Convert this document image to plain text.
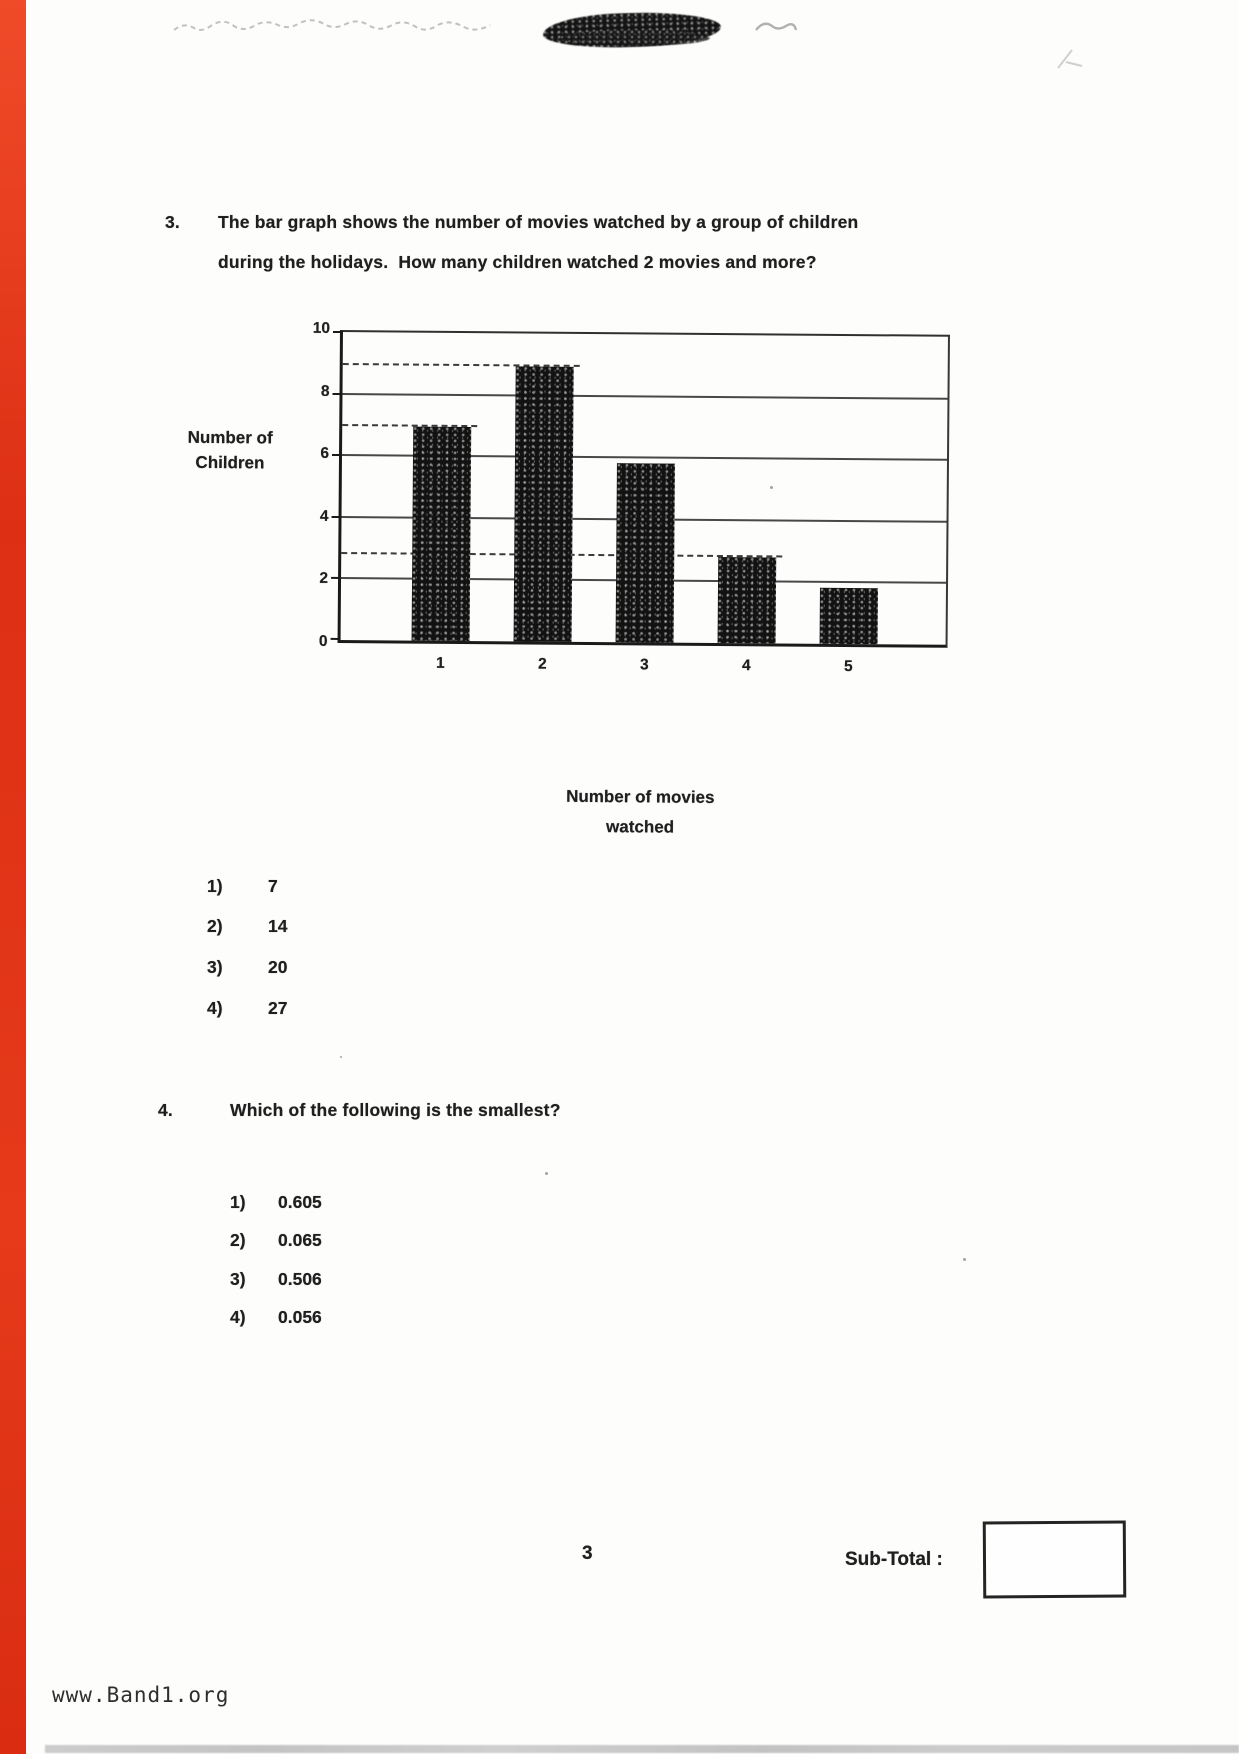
3. The bar graph shows the number of movies watched by a group of children
during the holidays.  How many children watched 2 movies and more?
Number of Children
0
2
4
6
8
10
1	2	3	4	5
Number of movies watched
1)	7
2)	14
3)	20
4)	27
4.	Which of the following is the smallest?
1) 0.605
2) 0.065
3) 0.506
4) 0.056
3	Sub-Total :
www.Band1.org
